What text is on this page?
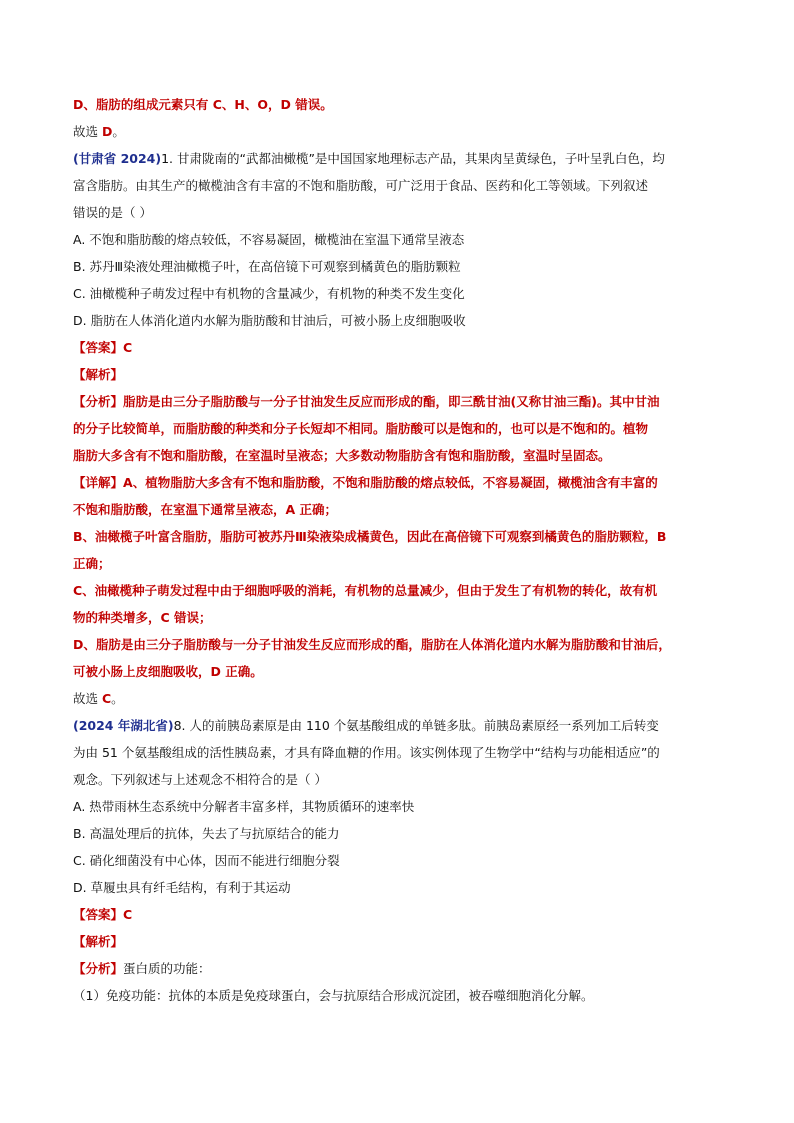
D、脂肪的组成元素只有 C、H、O，D 错误。
故选 D。
(甘肃省 2024)1. 甘肃陇南的“武都油橄榄”是中国国家地理标志产品，其果肉呈黄绿色，子叶呈乳白色，均
富含脂肪。由其生产的橄榄油含有丰富的不饱和脂肪酸，可广泛用于食品、医药和化工等领域。下列叙述
错误的是（ ）
A. 不饱和脂肪酸的熔点较低，不容易凝固，橄榄油在室温下通常呈液态
B. 苏丹Ⅲ染液处理油橄榄子叶，在高倍镜下可观察到橘黄色的脂肪颗粒
C. 油橄榄种子萌发过程中有机物的含量减少，有机物的种类不发生变化
D. 脂肪在人体消化道内水解为脂肪酸和甘油后，可被小肠上皮细胞吸收
【答案】C
【解析】
【分析】脂肪是由三分子脂肪酸与一分子甘油发生反应而形成的酯，即三酰甘油(又称甘油三酯)。其中甘油
的分子比较简单，而脂肪酸的种类和分子长短却不相同。脂肪酸可以是饱和的，也可以是不饱和的。植物
脂肪大多含有不饱和脂肪酸，在室温时呈液态；大多数动物脂肪含有饱和脂肪酸，室温时呈固态。
【详解】A、植物脂肪大多含有不饱和脂肪酸，不饱和脂肪酸的熔点较低，不容易凝固，橄榄油含有丰富的
不饱和脂肪酸，在室温下通常呈液态，A 正确；
B、油橄榄子叶富含脂肪，脂肪可被苏丹Ⅲ染液染成橘黄色，因此在高倍镜下可观察到橘黄色的脂肪颗粒，B
正确；
C、油橄榄种子萌发过程中由于细胞呼吸的消耗，有机物的总量减少，但由于发生了有机物的转化，故有机
物的种类增多，C 错误；
D、脂肪是由三分子脂肪酸与一分子甘油发生反应而形成的酯，脂肪在人体消化道内水解为脂肪酸和甘油后，
可被小肠上皮细胞吸收，D 正确。
故选 C。
(2024 年湖北省)8. 人的前胰岛素原是由 110 个氨基酸组成的单链多肽。前胰岛素原经一系列加工后转变
为由 51 个氨基酸组成的活性胰岛素，才具有降血糖的作用。该实例体现了生物学中“结构与功能相适应”的
观念。下列叙述与上述观念不相符合的是（ ）
A. 热带雨林生态系统中分解者丰富多样，其物质循环的速率快
B. 高温处理后的抗体，失去了与抗原结合的能力
C. 硝化细菌没有中心体，因而不能进行细胞分裂
D. 草履虫具有纤毛结构，有利于其运动
【答案】C
【解析】
【分析】蛋白质的功能：
（1）免疫功能：抗体的本质是免疫球蛋白，会与抗原结合形成沉淀团，被吞噬细胞消化分解。
